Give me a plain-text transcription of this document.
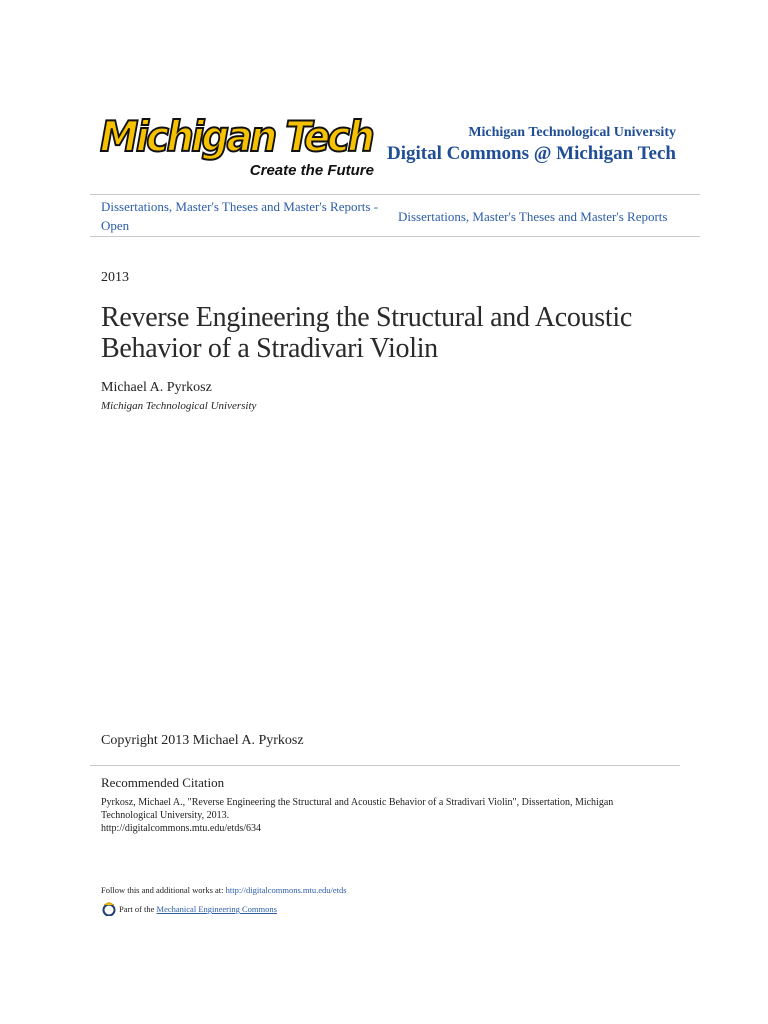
Michigan Tech
Create the Future
Michigan Technological University
Digital Commons @ Michigan Tech
Dissertations, Master's Theses and Master's Reports - Open
Dissertations, Master's Theses and Master's Reports
2013
Reverse Engineering the Structural and Acoustic Behavior of a Stradivari Violin
Michael A. Pyrkosz
Michigan Technological University
Copyright 2013 Michael A. Pyrkosz
Recommended Citation
Pyrkosz, Michael A., "Reverse Engineering the Structural and Acoustic Behavior of a Stradivari Violin", Dissertation, Michigan Technological University, 2013.
http://digitalcommons.mtu.edu/etds/634
Follow this and additional works at: http://digitalcommons.mtu.edu/etds
Part of the Mechanical Engineering Commons
